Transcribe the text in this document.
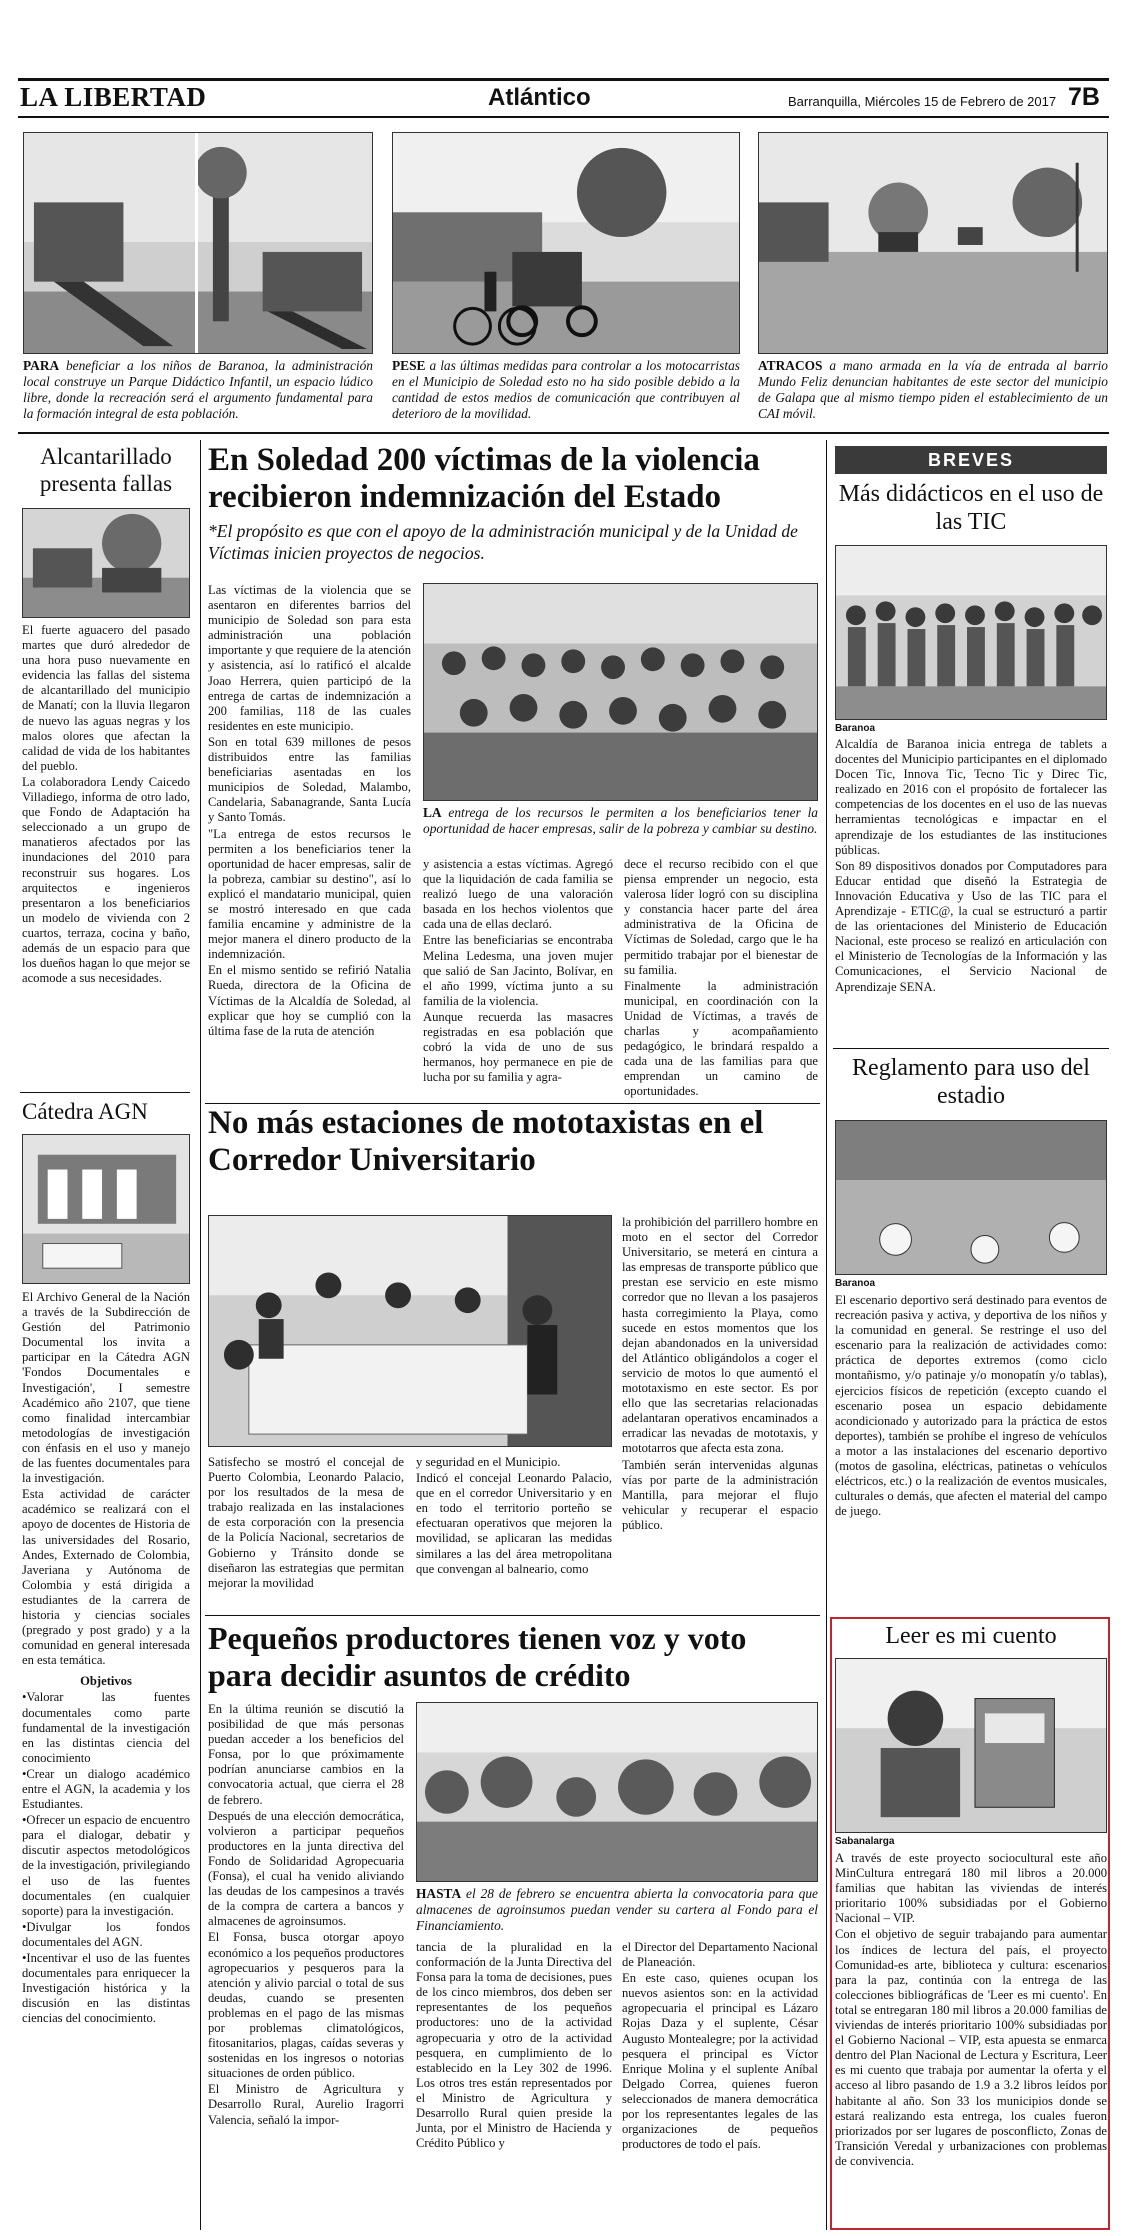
LA LIBERTAD	Atlántico	Barranquilla, Miércoles 15 de Febrero de 2017 7B
PARA beneficiar a los niños de Baranoa, la administración local construye un Parque Didáctico Infantil, un espacio lúdico libre, donde la recreación será el argumento fundamental para la formación integral de esta población.
PESE a las últimas medidas para controlar a los motocarristas en el Municipio de Soledad esto no ha sido posible debido a la cantidad de estos medios de comunicación que contribuyen al deterioro de la movilidad.
ATRACOS a mano armada en la vía de entrada al barrio Mundo Feliz denuncian habitantes de este sector del municipio de Galapa que al mismo tiempo piden el establecimiento de un CAI móvil.
Alcantarillado presenta fallas

El fuerte aguacero del pasado martes que duró alrededor de una hora puso nuevamente en evidencia las fallas del sistema de alcantarillado del municipio de Manatí; con la lluvia llegaron de nuevo las aguas negras y los malos olores que afectan la calidad de vida de los habitantes del pueblo.

La colaboradora Lendy Caicedo Villadiego, informa de otro lado, que Fondo de Adaptación ha seleccionado a un grupo de manatieros afectados por las inundaciones del 2010 para reconstruir sus hogares. Los arquitectos e ingenieros presentaron a los beneficiarios un modelo de vivienda con 2 cuartos, terraza, cocina y baño, además de un espacio para que los dueños hagan lo que mejor se acomode a sus necesidades.

Cátedra AGN

El Archivo General de la Nación a través de la Subdirección de Gestión del Patrimonio Documental los invita a participar en la Cátedra AGN 'Fondos Documentales e Investigación', I semestre Académico año 2107, que tiene como finalidad intercambiar metodologías de investigación con énfasis en el uso y manejo de las fuentes documentales para la investigación.

Esta actividad de carácter académico se realizará con el apoyo de docentes de Historia de las universidades del Rosario, Andes, Externado de Colombia, Javeriana y Autónoma de Colombia y está dirigida a estudiantes de la carrera de historia y ciencias sociales (pregrado y post grado) y a la comunidad en general interesada en esta temática.

Objetivos

•Valorar las fuentes documentales como parte fundamental de la investigación en las distintas ciencia del conocimiento

•Crear un dialogo académico entre el AGN, la academia y los Estudiantes.

•Ofrecer un espacio de encuentro para el dialogar, debatir y discutir aspectos metodológicos de la investigación, privilegiando el uso de las fuentes documentales (en cualquier soporte) para la investigación.

•Divulgar los fondos documentales del AGN.

•Incentivar el uso de las fuentes documentales para enriquecer la Investigación histórica y la discusión en las distintas ciencias del conocimiento.

En Soledad 200 víctimas de la violencia recibieron indemnización del Estado
*El propósito es que con el apoyo de la administración municipal y de la Unidad de Víctimas inicien proyectos de negocios.

Las víctimas de la violencia que se asentaron en diferentes barrios del municipio de Soledad son para esta administración una población importante y que requiere de la atención y asistencia, así lo ratificó el alcalde Joao Herrera, quien participó de la entrega de cartas de indemnización a 200 familias, 118 de las cuales residentes en este municipio.

Son en total 639 millones de pesos distribuidos entre las familias beneficiarias asentadas en los municipios de Soledad, Malambo, Candelaria, Sabanagrande, Santa Lucía y Santo Tomás.

"La entrega de estos recursos le permiten a los beneficiarios tener la oportunidad de hacer empresas, salir de la pobreza, cambiar su destino", así lo explicó el mandatario municipal, quien se mostró interesado en que cada familia encamine y administre de la mejor manera el dinero producto de la indemnización.

En el mismo sentido se refirió Natalia Rueda, directora de la Oficina de Víctimas de la Alcaldía de Soledad, al explicar que hoy se cumplió con la última fase de la ruta de atención

LA entrega de los recursos le permiten a los beneficiarios tener la oportunidad de hacer empresas, salir de la pobreza y cambiar su destino.

y asistencia a estas víctimas. Agregó que la liquidación de cada familia se realizó luego de una valoración basada en los hechos violentos que cada una de ellas declaró.

Entre las beneficiarias se encontraba Melina Ledesma, una joven mujer que salió de San Jacinto, Bolívar, en el año 1999, víctima junto a su familia de la violencia.

Aunque recuerda las masacres registradas en esa población que cobró la vida de uno de sus hermanos, hoy permanece en pie de lucha por su familia y agra-

dece el recurso recibido con el que piensa emprender un negocio, esta valerosa líder logró con su disciplina y constancia hacer parte del área administrativa de la Oficina de Víctimas de Soledad, cargo que le ha permitido trabajar por el bienestar de su familia.

Finalmente la administración municipal, en coordinación con la Unidad de Víctimas, a través de charlas y acompañamiento pedagógico, le brindará respaldo a cada una de las familias para que emprendan un camino de oportunidades.

No más estaciones de mototaxistas en el Corredor Universitario

la prohibición del parrillero hombre en moto en el sector del Corredor Universitario, se meterá en cintura a las empresas de transporte público que prestan ese servicio en este mismo corredor que no llevan a los pasajeros hasta corregimiento la Playa, como sucede en estos momentos que los dejan abandonados en la universidad del Atlántico obligándolos a coger el servicio de motos lo que aumentó el mototaxismo en este sector. Es por ello que las secretarias relacionadas adelantaran operativos encaminados a erradicar las nevadas de mototaxis, y mototarros que afecta esta zona.

También serán intervenidas algunas vías por parte de la administración Mantilla, para mejorar el flujo vehicular y recuperar el espacio público.

Satisfecho se mostró el concejal de Puerto Colombia, Leonardo Palacio, por los resultados de la mesa de trabajo realizada en las instalaciones de esta corporación con la presencia de la Policía Nacional, secretarios de Gobierno y Tránsito donde se diseñaron las estrategias que permitan mejorar la movilidad

y seguridad en el Municipio.

Indicó el concejal Leonardo Palacio, que en el corredor Universitario y en en todo el territorio porteño se efectuaran operativos que mejoren la movilidad, se aplicaran las medidas similares a las del área metropolitana que convengan al balneario, como

Pequeños productores tienen voz y voto para decidir asuntos de crédito

En la última reunión se discutió la posibilidad de que más personas puedan acceder a los beneficios del Fonsa, por lo que próximamente podrían anunciarse cambios en la convocatoria actual, que cierra el 28 de febrero.

Después de una elección democrática, volvieron a participar pequeños productores en la junta directiva del Fondo de Solidaridad Agropecuaria (Fonsa), el cual ha venido aliviando las deudas de los campesinos a través de la compra de cartera a bancos y almacenes de agroinsumos.

El Fonsa, busca otorgar apoyo económico a los pequeños productores agropecuarios y pesqueros para la atención y alivio parcial o total de sus deudas, cuando se presenten problemas en el pago de las mismas por problemas climatológicos, fitosanitarios, plagas, caídas severas y sostenidas en los ingresos o notorias situaciones de orden público.

El Ministro de Agricultura y Desarrollo Rural, Aurelio Iragorri Valencia, señaló la impor-

HASTA el 28 de febrero se encuentra abierta la convocatoria para que almacenes de agroinsumos puedan vender su cartera al Fondo para el Financiamiento.

tancia de la pluralidad en la conformación de la Junta Directiva del Fonsa para la toma de decisiones, pues de los cinco miembros, dos deben ser representantes de los pequeños productores: uno de la actividad agropecuaria y otro de la actividad pesquera, en cumplimiento de lo establecido en la Ley 302 de 1996. Los otros tres están representados por el Ministro de Agricultura y Desarrollo Rural quien preside la Junta, por el Ministro de Hacienda y Crédito Público y

el Director del Departamento Nacional de Planeación.

En este caso, quienes ocupan los nuevos asientos son: en la actividad agropecuaria el principal es Lázaro Rojas Daza y el suplente, César Augusto Montealegre; por la actividad pesquera el principal es Víctor Enrique Molina y el suplente Aníbal Delgado Correa, quienes fueron seleccionados de manera democrática por los representantes legales de las organizaciones de pequeños productores de todo el país.

BREVES
Más didácticos en el uso de las TIC
Baranoa

Alcaldía de Baranoa inicia entrega de tablets a docentes del Municipio participantes en el diplomado Docen Tic, Innova Tic, Tecno Tic y Direc Tic, realizado en 2016 con el propósito de fortalecer las competencias de los docentes en el uso de las nuevas herramientas tecnológicas e impactar en el aprendizaje de los estudiantes de las instituciones públicas.

Son 89 dispositivos donados por Computadores para Educar entidad que diseñó la Estrategia de Innovación Educativa y Uso de las TIC para el Aprendizaje - ETIC@, la cual se estructuró a partir de las orientaciones del Ministerio de Educación Nacional, este proceso se realizó en articulación con el Ministerio de Tecnologías de la Información y las Comunicaciones, el Servicio Nacional de Aprendizaje SENA.

Reglamento para uso del estadio
Baranoa

El escenario deportivo será destinado para eventos de recreación pasiva y activa, y deportiva de los niños y la comunidad en general. Se restringe el uso del escenario para la realización de actividades como: práctica de deportes extremos (como ciclo montañismo, y/o patinaje y/o monopatín y/o tablas), ejercicios físicos de repetición (excepto cuando el escenario posea un espacio debidamente acondicionado y autorizado para la práctica de estos deportes), también se prohíbe el ingreso de vehículos a motor a las instalaciones del escenario deportivo (motos de gasolina, eléctricas, patinetas o vehículos eléctricos, etc.) o la realización de eventos musicales, culturales o demás, que afecten el material del campo de juego.

Leer es mi cuento
Sabanalarga

A través de este proyecto sociocultural este año MinCultura entregará 180 mil libros a 20.000 familias que habitan las viviendas de interés prioritario 100% subsidiadas por el Gobierno Nacional – VIP.

Con el objetivo de seguir trabajando para aumentar los índices de lectura del país, el proyecto Comunidad-es arte, biblioteca y cultura: escenarios para la paz, continúa con la entrega de las colecciones bibliográficas de 'Leer es mi cuento'. En total se entregaran 180 mil libros a 20.000 familias de viviendas de interés prioritario 100% subsidiadas por el Gobierno Nacional – VIP, esta apuesta se enmarca dentro del Plan Nacional de Lectura y Escritura, Leer es mi cuento que trabaja por aumentar la oferta y el acceso al libro pasando de 1.9 a 3.2 libros leídos por habitante al año. Son 33 los municipios donde se estará realizando esta entrega, los cuales fueron priorizados por ser lugares de posconflicto, Zonas de Transición Veredal y urbanizaciones con problemas de convivencia.
